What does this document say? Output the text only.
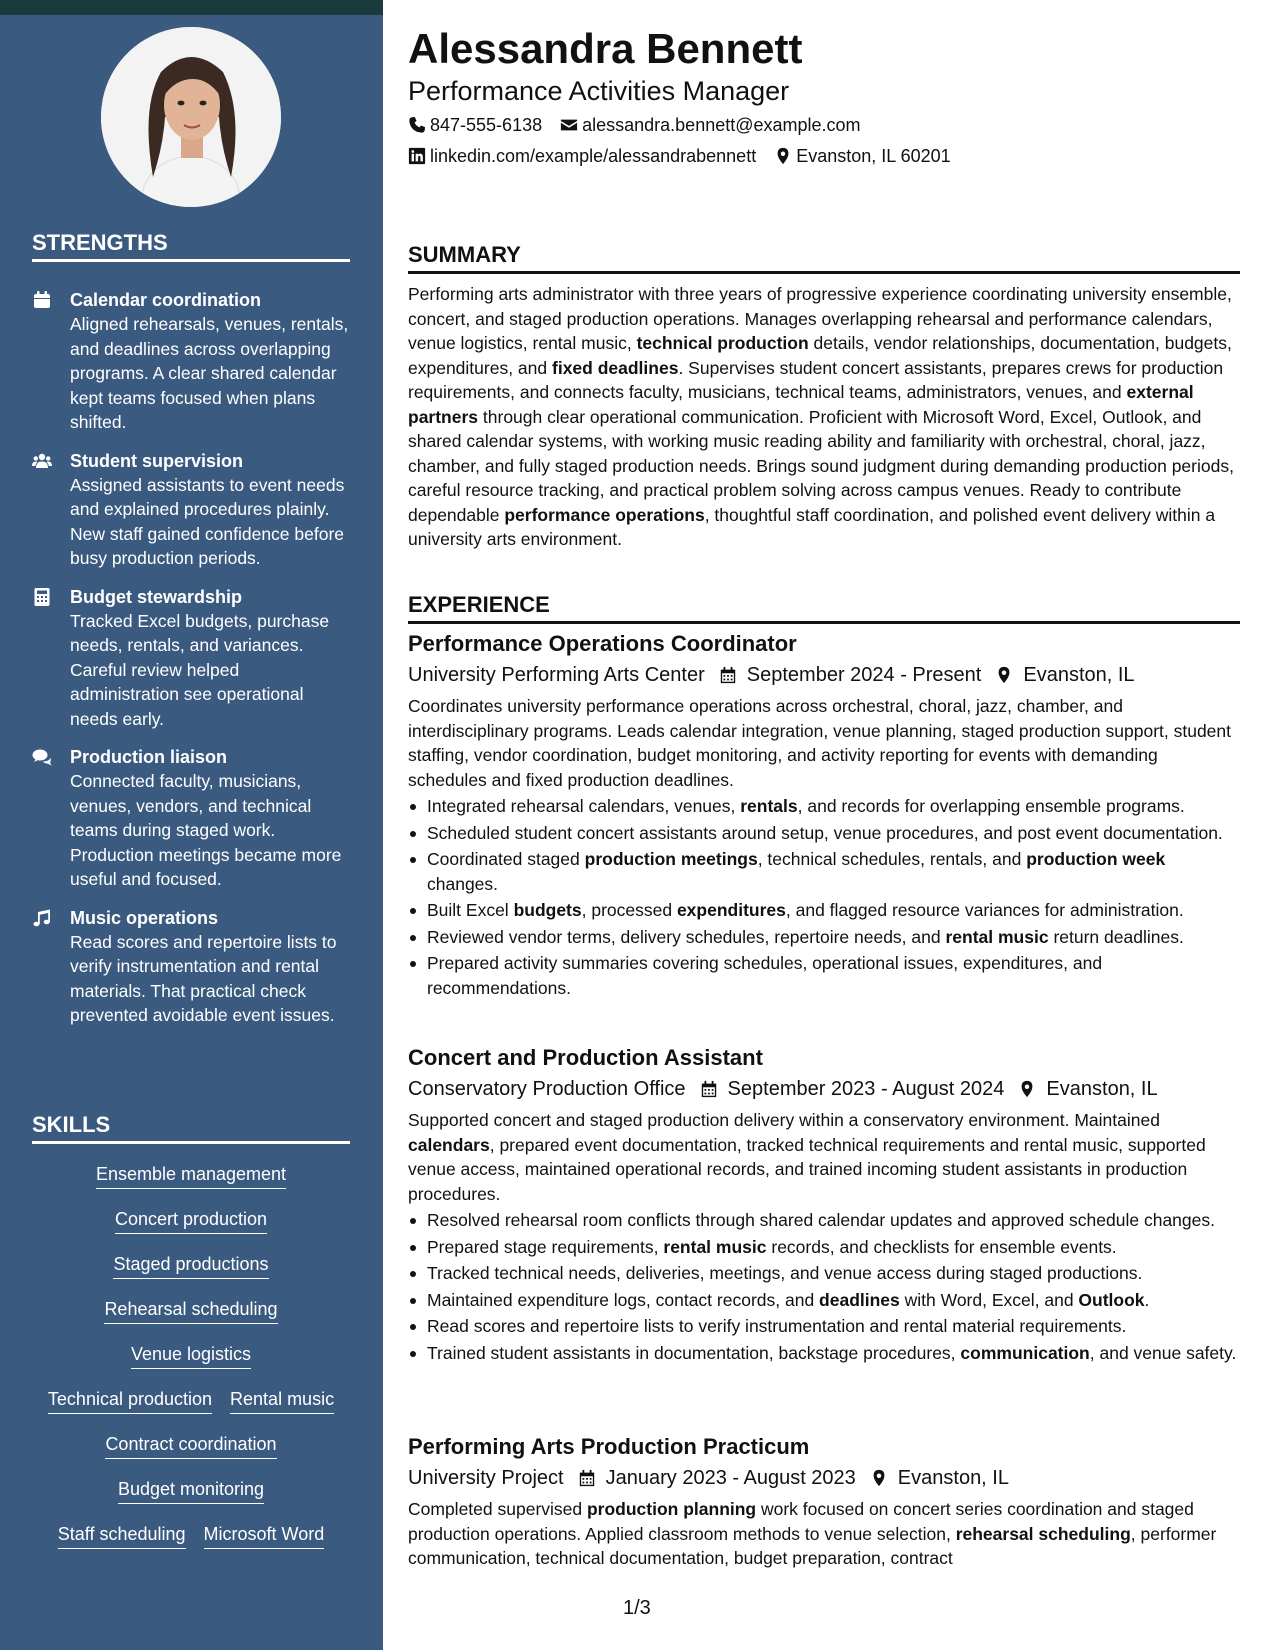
STRENGTHS
Calendar coordination
Aligned rehearsals, venues, rentals, and deadlines across overlapping programs. A clear shared calendar kept teams focused when plans shifted.
Student supervision
Assigned assistants to event needs and explained procedures plainly. New staff gained confidence before busy production periods.
Budget stewardship
Tracked Excel budgets, purchase needs, rentals, and variances. Careful review helped administration see operational needs early.
Production liaison
Connected faculty, musicians, venues, vendors, and technical teams during staged work. Production meetings became more useful and focused.
Music operations
Read scores and repertoire lists to verify instrumentation and rental materials. That practical check prevented avoidable event issues.
SKILLS
Ensemble management
Concert production
Staged productions
Rehearsal scheduling
Venue logistics
Technical production Rental music
Contract coordination
Budget monitoring
Staff scheduling Microsoft Word
Alessandra Bennett
Performance Activities Manager
847-555-6138 alessandra.bennett@example.com
linkedin.com/example/alessandrabennett Evanston, IL 60201
SUMMARY
Performing arts administrator with three years of progressive experience coordinating university ensemble, concert, and staged production operations. Manages overlapping rehearsal and performance calendars, venue logistics, rental music, technical production details, vendor relationships, documentation, budgets, expenditures, and fixed deadlines. Supervises student concert assistants, prepares crews for production requirements, and connects faculty, musicians, technical teams, administrators, venues, and external partners through clear operational communication. Proficient with Microsoft Word, Excel, Outlook, and shared calendar systems, with working music reading ability and familiarity with orchestral, choral, jazz, chamber, and fully staged production needs. Brings sound judgment during demanding production periods, careful resource tracking, and practical problem solving across campus venues. Ready to contribute dependable performance operations, thoughtful staff coordination, and polished event delivery within a university arts environment.
EXPERIENCE
Performance Operations Coordinator
University Performing Arts Center September 2024 - Present Evanston, IL
Coordinates university performance operations across orchestral, choral, jazz, chamber, and interdisciplinary programs. Leads calendar integration, venue planning, staged production support, student staffing, vendor coordination, budget monitoring, and activity reporting for events with demanding schedules and fixed production deadlines.
Integrated rehearsal calendars, venues, rentals, and records for overlapping ensemble programs.
Scheduled student concert assistants around setup, venue procedures, and post event documentation.
Coordinated staged production meetings, technical schedules, rentals, and production week changes.
Built Excel budgets, processed expenditures, and flagged resource variances for administration.
Reviewed vendor terms, delivery schedules, repertoire needs, and rental music return deadlines.
Prepared activity summaries covering schedules, operational issues, expenditures, and recommendations.
Concert and Production Assistant
Conservatory Production Office September 2023 - August 2024 Evanston, IL
Supported concert and staged production delivery within a conservatory environment. Maintained calendars, prepared event documentation, tracked technical requirements and rental music, supported venue access, maintained operational records, and trained incoming student assistants in production procedures.
Resolved rehearsal room conflicts through shared calendar updates and approved schedule changes.
Prepared stage requirements, rental music records, and checklists for ensemble events.
Tracked technical needs, deliveries, meetings, and venue access during staged productions.
Maintained expenditure logs, contact records, and deadlines with Word, Excel, and Outlook.
Read scores and repertoire lists to verify instrumentation and rental material requirements.
Trained student assistants in documentation, backstage procedures, communication, and venue safety.
Performing Arts Production Practicum
University Project January 2023 - August 2023 Evanston, IL
Completed supervised production planning work focused on concert series coordination and staged production operations. Applied classroom methods to venue selection, rehearsal scheduling, performer communication, technical documentation, budget preparation, contract
1/3
